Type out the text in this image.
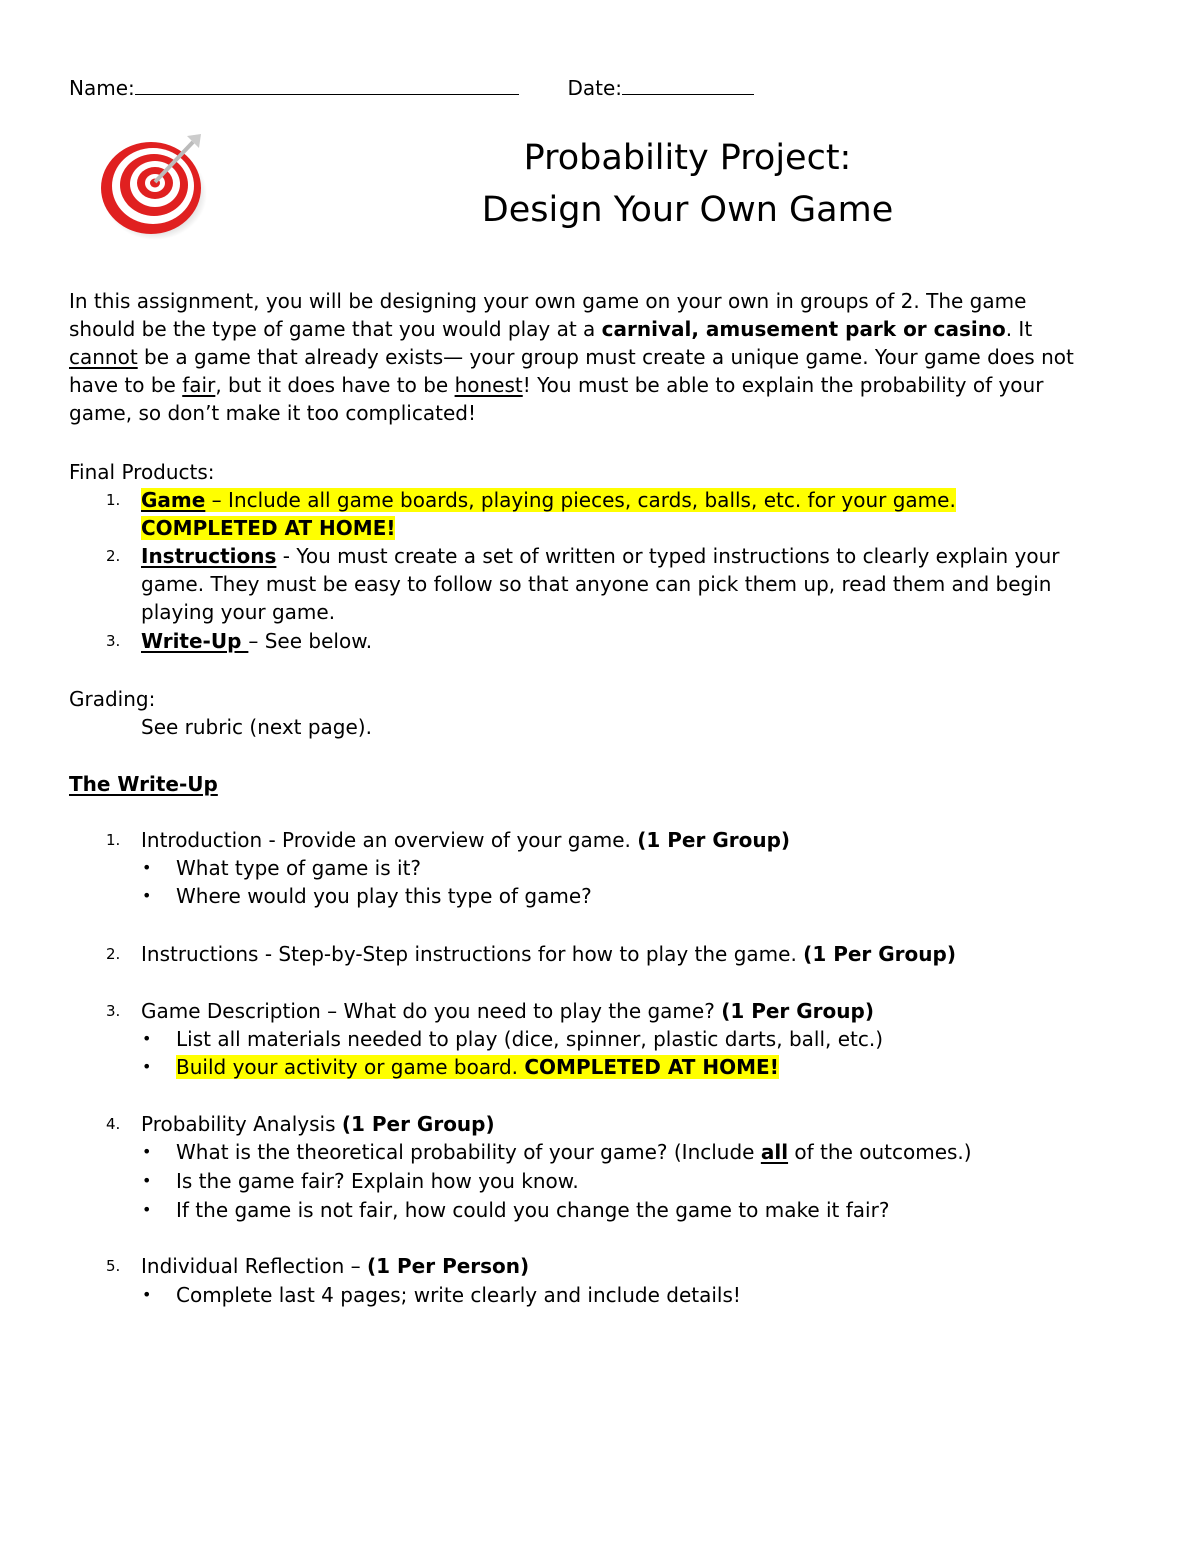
Name:	Date:
Probability Project:
Design Your Own Game
In this assignment, you will be designing your own game on your own in groups of 2. The game
should be the type of game that you would play at a carnival, amusement park or casino. It
cannot be a game that already exists— your group must create a unique game. Your game does not
have to be fair, but it does have to be honest! You must be able to explain the probability of your
game, so don’t make it too complicated!
Final Products:
1. Game – Include all game boards, playing pieces, cards, balls, etc. for your game.
COMPLETED AT HOME!
2. Instructions - You must create a set of written or typed instructions to clearly explain your
game. They must be easy to follow so that anyone can pick them up, read them and begin
playing your game.
3. Write-Up – See below.
Grading:
See rubric (next page).
The Write-Up
1. Introduction - Provide an overview of your game. (1 Per Group)
• What type of game is it?
• Where would you play this type of game?
2. Instructions - Step-by-Step instructions for how to play the game. (1 Per Group)
3. Game Description – What do you need to play the game? (1 Per Group)
• List all materials needed to play (dice, spinner, plastic darts, ball, etc.)
• Build your activity or game board. COMPLETED AT HOME!
4. Probability Analysis (1 Per Group)
• What is the theoretical probability of your game? (Include all of the outcomes.)
• Is the game fair? Explain how you know.
• If the game is not fair, how could you change the game to make it fair?
5. Individual Reflection – (1 Per Person)
• Complete last 4 pages; write clearly and include details!
